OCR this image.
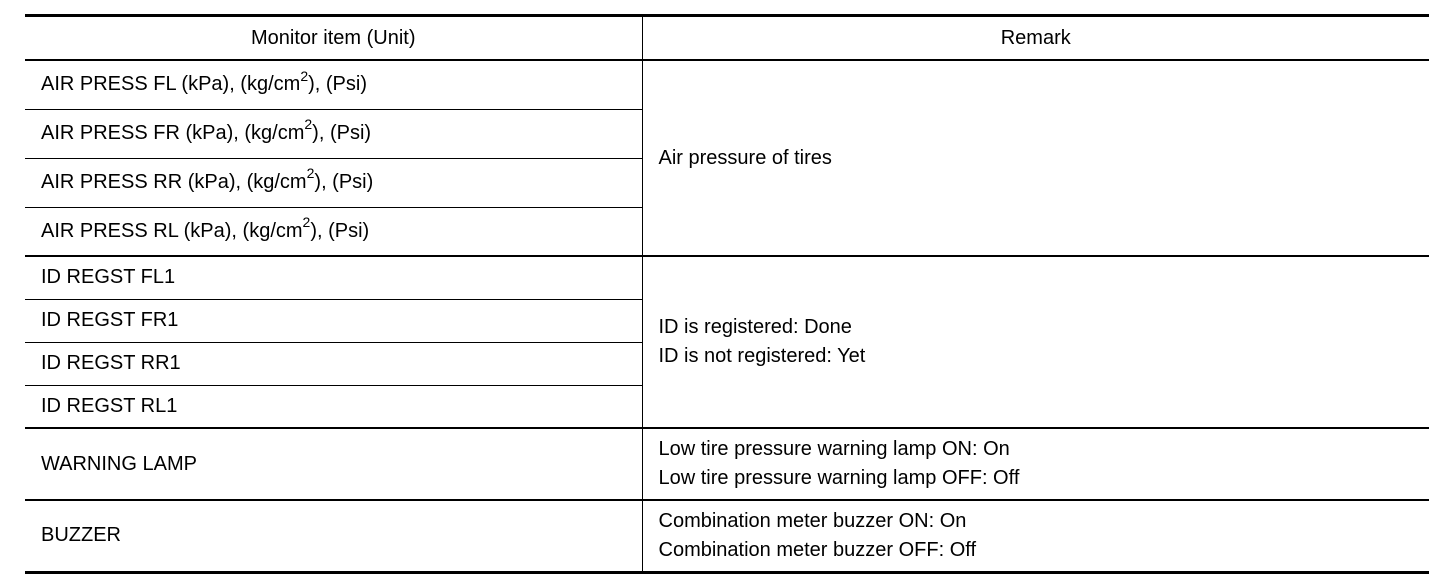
Monitor item (Unit)	Remark
AIR PRESS FL (kPa), $(kg/cm^2)$, (Psi)	Air pressure of tires

AIR PRESS FR (kPa), $(kg/cm^2)$, (Psi)	
AIR PRESS RR (kPa), $(kg/cm^2)$, (Psi)	
AIR PRESS RL (kPa), $(kg/cm^2)$, (Psi)	
ID REGST FL1	ID is registered: Done
ID is not registered: Yet

ID REGST FR1	
ID REGST RR1	
ID REGST RL1	
WARNING LAMP	Low tire pressure warning lamp ON: On
Low tire pressure warning lamp OFF: Off

BUZZER	Combination meter buzzer ON: On
Combination meter buzzer OFF: Off
